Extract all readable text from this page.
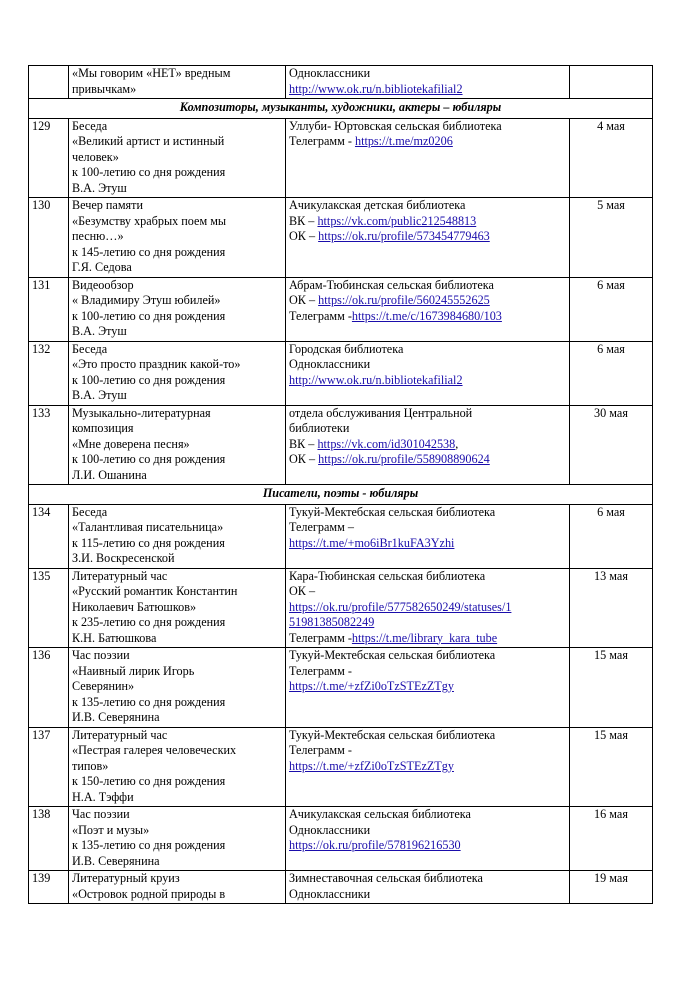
	«Мы говорим «НЕТ» вредным
привычкам»	Одноклассники
http://www.ok.ru/n.bibliotekafilial2	

Композиторы, музыканты, художники, актеры – юбиляры			
129	Беседа
«Великий артист и истинный
человек»
к 100-летию со дня рождения
В.А. Этуш	Уллуби- Юртовская сельская библиотека
Телеграмм - https://t.me/mz0206	4 мая
130	Вечер памяти
«Безумству храбрых поем мы
песню…»
к 145-летию со дня рождения
Г.Я. Седова	Ачикулакская детская библиотека
ВК – https://vk.com/public212548813
ОК – https://ok.ru/profile/573454779463	5 мая
131	Видеообзор
« Владимиру Этуш юбилей»
к 100-летию со дня рождения
В.А. Этуш	Абрам-Тюбинская сельская библиотека
ОК – https://ok.ru/profile/560245552625
Телеграмм -https://t.me/c/1673984680/103	6 мая
132	Беседа
«Это просто праздник какой-то»
к 100-летию со дня рождения
В.А. Этуш	Городская библиотека
Одноклассники
http://www.ok.ru/n.bibliotekafilial2	6 мая
133	Музыкально-литературная
композиция
«Мне доверена песня»
к 100-летию со дня рождения
Л.И. Ошанина	отдела обслуживания Центральной
библиотеки
ВК – https://vk.com/id301042538,
ОК – https://ok.ru/profile/558908890624	30 мая
Писатели, поэты - юбиляры			
134	Беседа
«Талантливая писательница»
к 115-летию со дня рождения
З.И. Воскресенской	Тукуй-Мектебская сельская библиотека
Телеграмм –
https://t.me/+mo6iBr1kuFA3Yzhi	6 мая
135	Литературный час
«Русский романтик Константин
Николаевич Батюшков»
к 235-летию со дня рождения
К.Н. Батюшкова	Кара-Тюбинская сельская библиотека
ОК –
https://ok.ru/profile/577582650249/statuses/1
51981385082249
Телеграмм -https://t.me/library_kara_tube	13 мая
136	Час поэзии
«Наивный лирик Игорь
Северянин»
к 135-летию со дня рождения
И.В. Северянина	Тукуй-Мектебская сельская библиотека
Телеграмм -
https://t.me/+zfZi0oTzSTEzZTgy	15 мая
137	Литературный час
«Пестрая галерея человеческих
типов»
к 150-летию со дня рождения
Н.А. Тэффи	Тукуй-Мектебская сельская библиотека
Телеграмм -
https://t.me/+zfZi0oTzSTEzZTgy	15 мая
138	Час поэзии
«Поэт и музы»
к 135-летию со дня рождения
И.В. Северянина	Ачикулакская сельская библиотека
Одноклассники
https://ok.ru/profile/578196216530	16 мая
139	Литературный круиз
«Островок родной природы в	Зимнеставочная сельская библиотека
Одноклассники	19 мая
